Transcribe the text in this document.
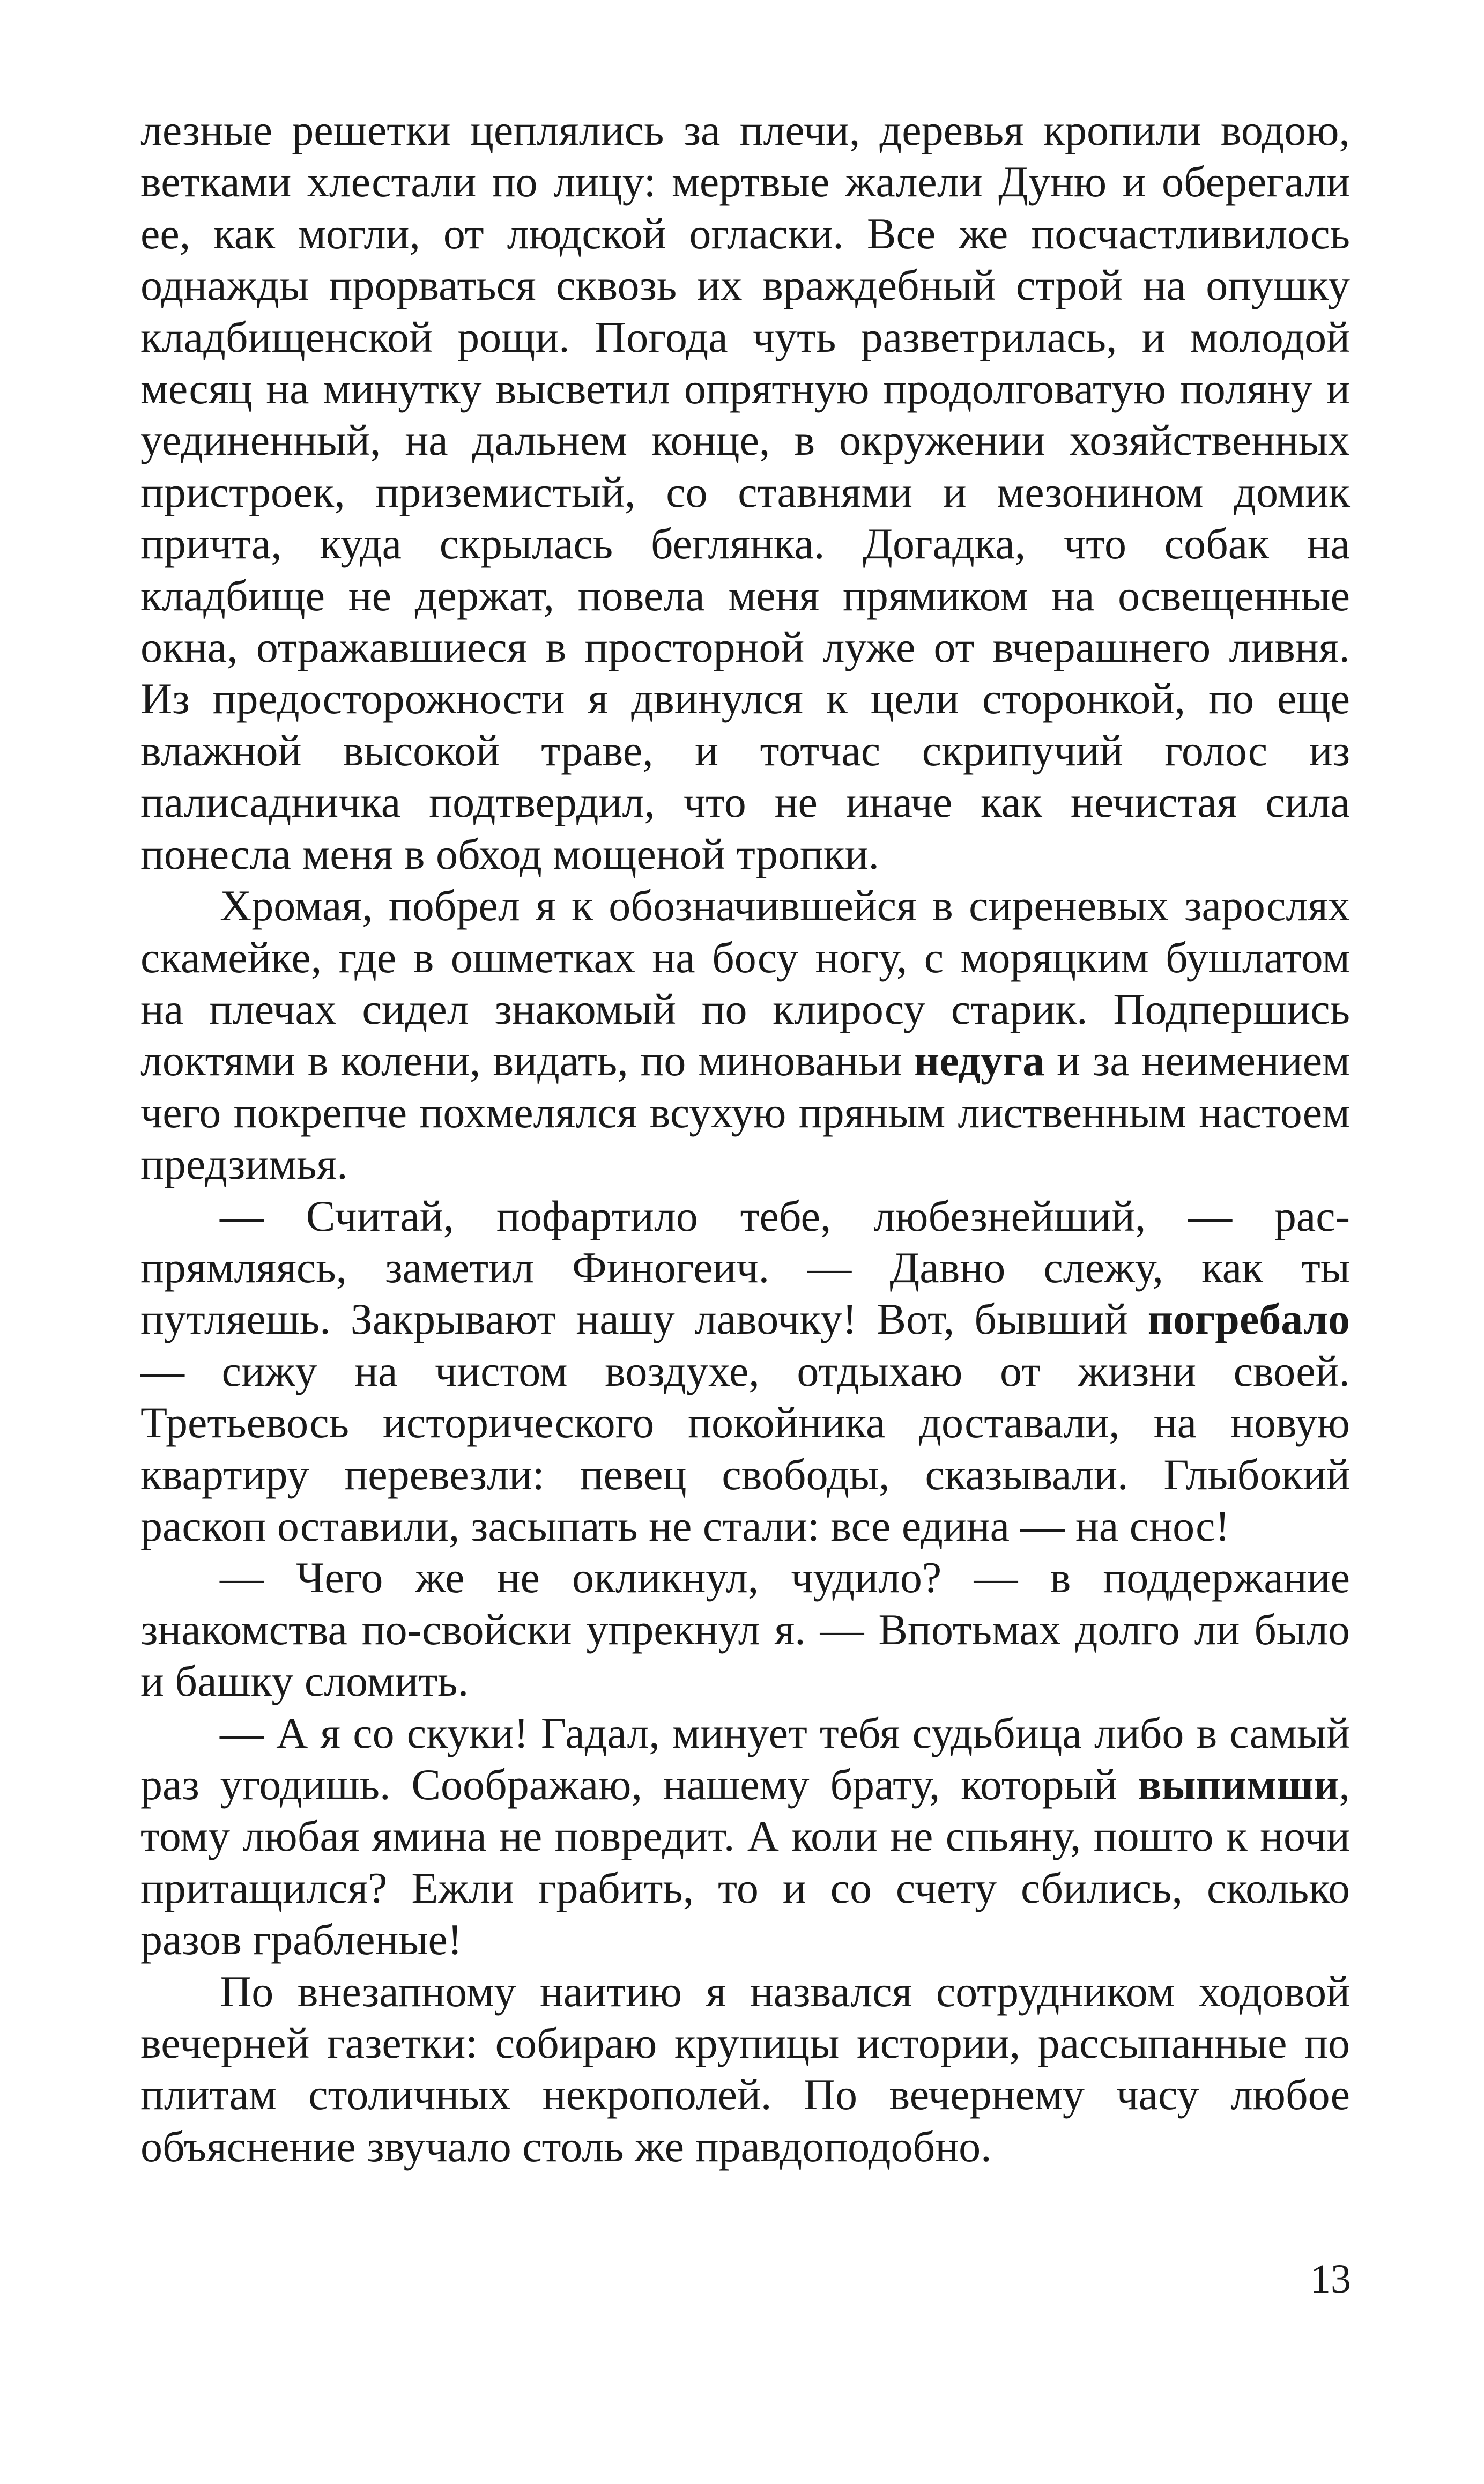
лезные решетки цеплялись за плечи, деревья кропили водою, ветками хлестали по лицу: мертвые жалели Дуню и оберегали ее, как могли, от людской огласки. Все же посчастливилось однажды прорваться сквозь их враждебный строй на опушку кладбищенской рощи. Погода чуть разветрилась, и молодой месяц на минутку высветил опрятную продолговатую поляну и уединенный, на дальнем конце, в окружении хозяйственных пристроек, приземистый, со ставнями и мезонином домик причта, куда скрылась беглянка. Догадка, что собак на кладбище не держат, повела меня прямиком на освещенные окна, отражавшиеся в просторной луже от вчерашнего ливня. Из предосторожности я двинулся к цели сторонкой, по еще влажной высокой траве, и тотчас скрипучий голос из палисадничка подтвердил, что не иначе как нечистая сила понесла меня в обход мощеной тропки.

Хромая, побрел я к обозначившейся в сиреневых зарослях скамейке, где в ошметках на босу ногу, с моряцким бушлатом на плечах сидел знакомый по клиросу старик. Подпершись локтями в колени, видать, по минованьи недуга и за неимением чего покрепче похмелялся всухую пряным лиственным настоем предзимья.

— Считай, пофартило тебе, любезнейший, — распрямляясь, заметил Финогеич. — Давно слежу, как ты путляешь. Закрывают нашу лавочку! Вот, бывший погребало — сижу на чистом воздухе, отдыхаю от жизни своей. Третьевось исторического покойника доставали, на новую квартиру перевезли: певец свободы, сказывали. Глыбокий раскоп оставили, засыпать не стали: все едина — на снос!

— Чего же не окликнул, чудило? — в поддержание знакомства по-свойски упрекнул я. — Впотьмах долго ли было и башку сломить.

— А я со скуки! Гадал, минует тебя судьбица либо в самый раз угодишь. Соображаю, нашему брату, который выпимши, тому любая ямина не повредит. А коли не спьяну, пошто к ночи притащился? Ежли грабить, то и со счету сбились, сколько разов грабленые!

По внезапному наитию я назвался сотрудником ходовой вечерней газетки: собираю крупицы истории, рассыпанные по плитам столичных некрополей. По вечернему часу любое объяснение звучало столь же правдоподобно.

13
